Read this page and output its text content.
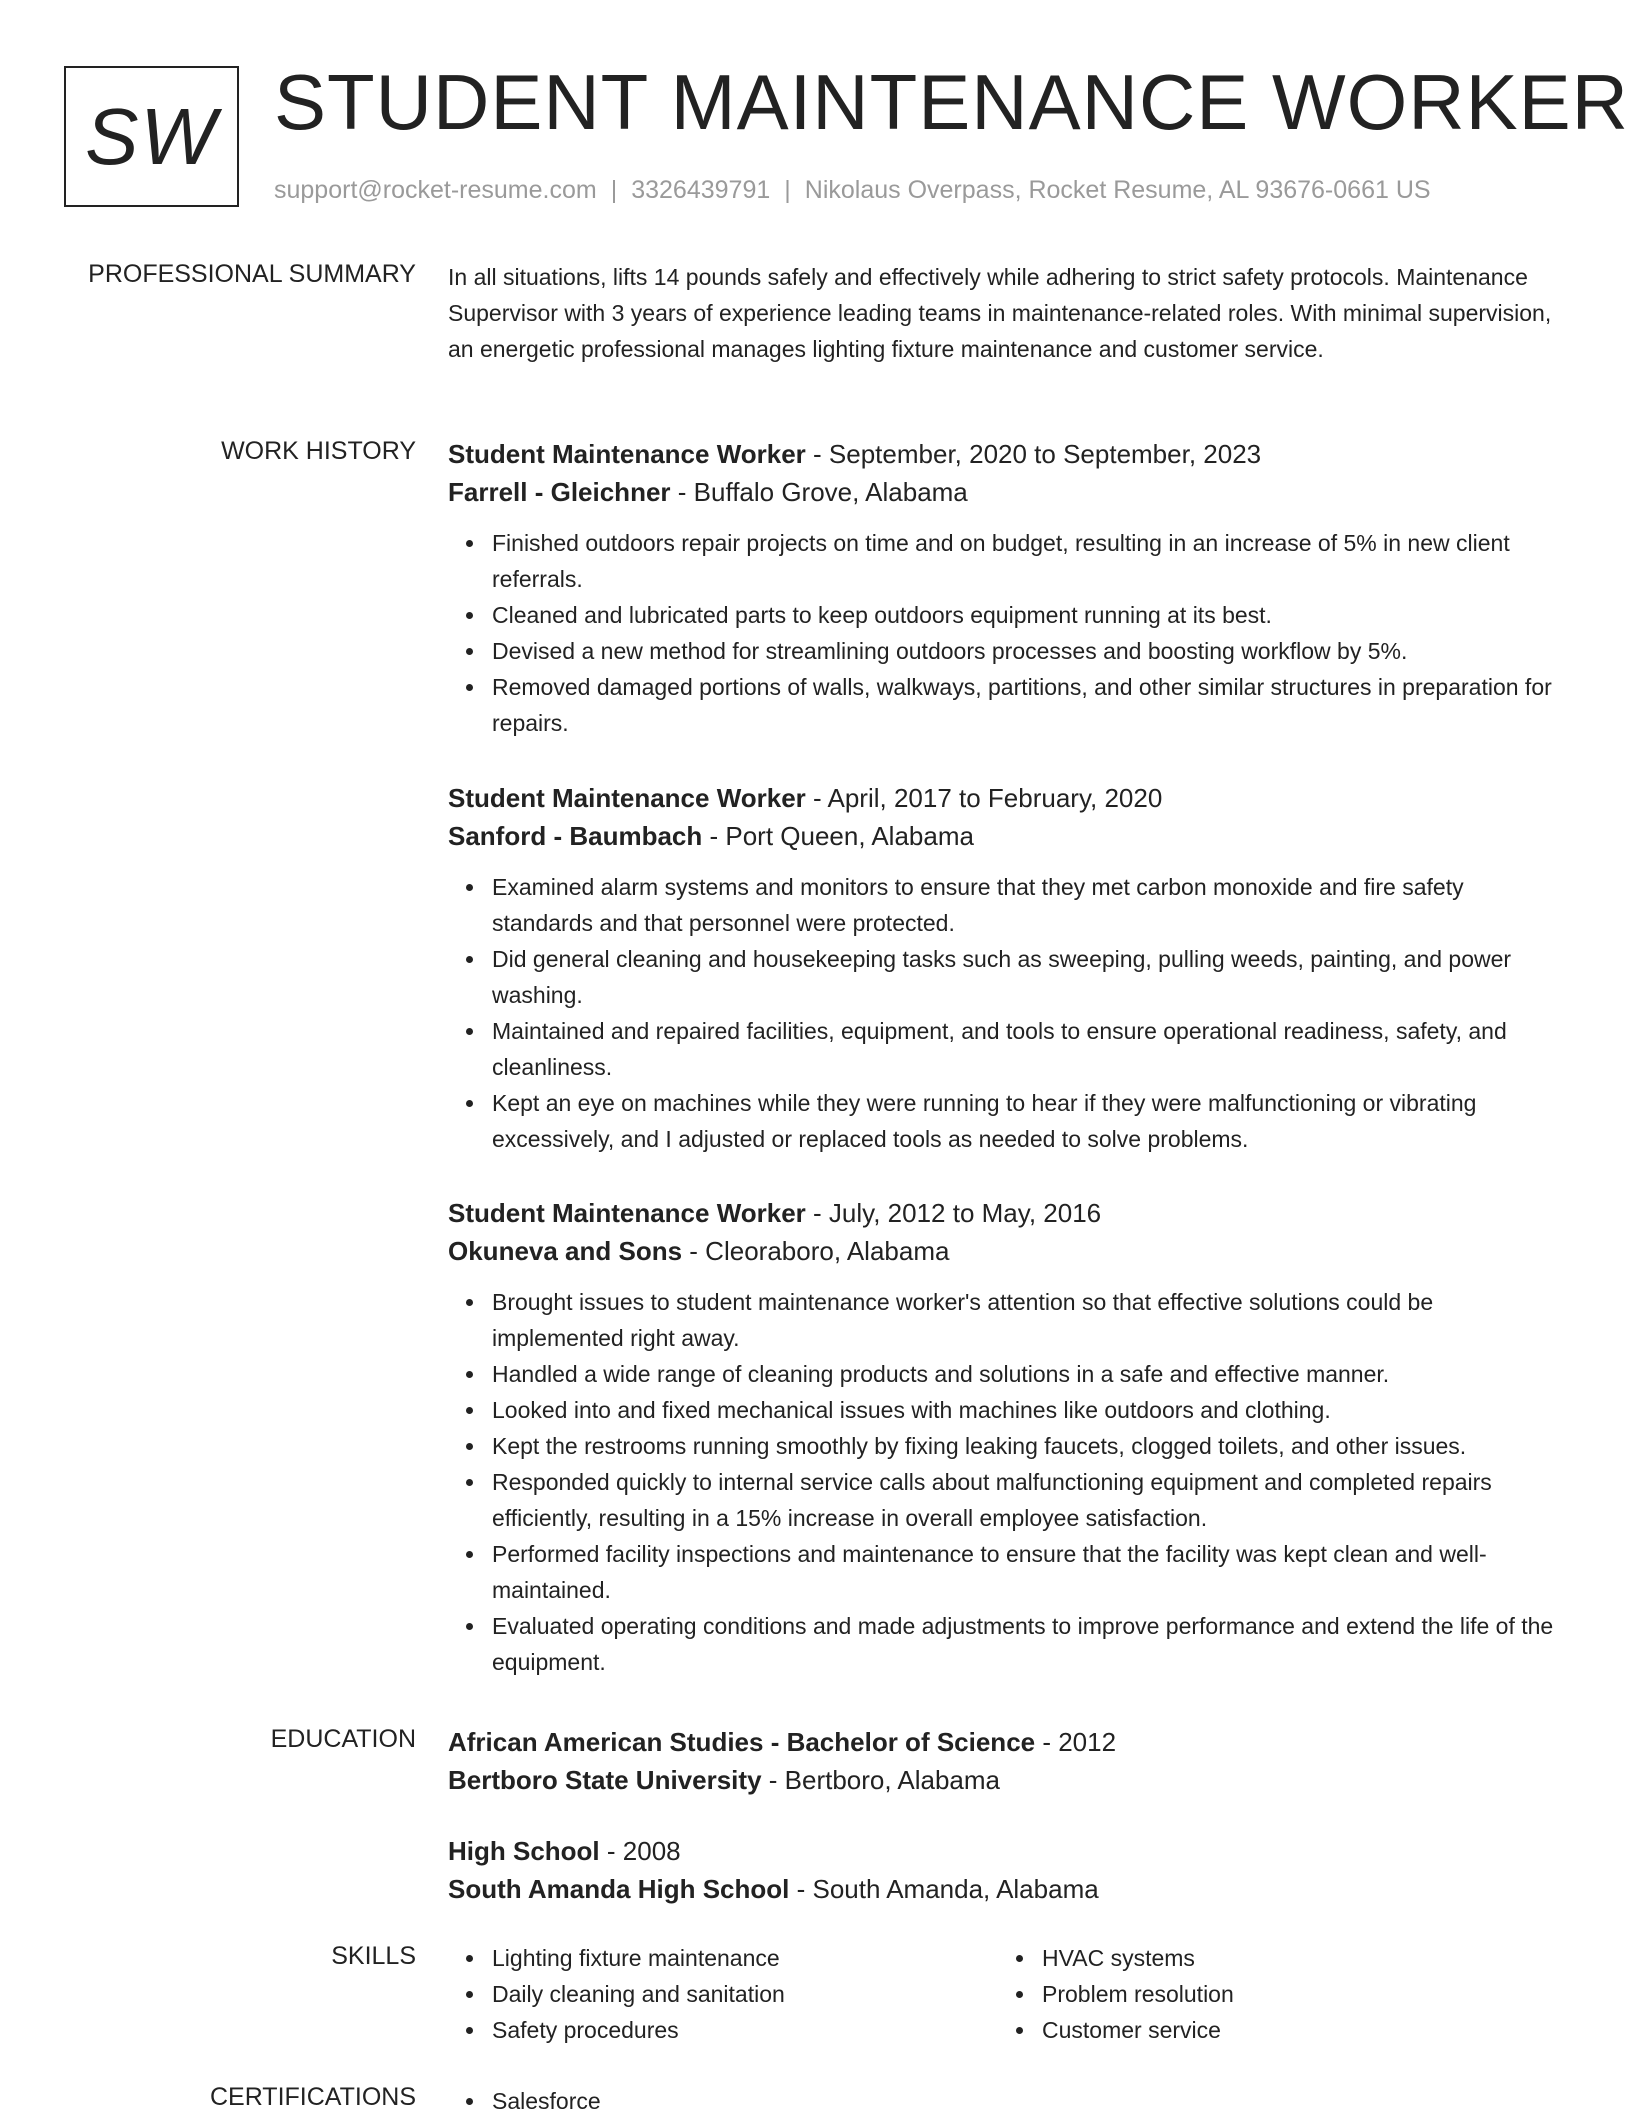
SW STUDENT MAINTENANCE WORKER
support@rocket-resume.com | 3326439791 | Nikolaus Overpass, Rocket Resume, AL 93676-0661 US
PROFESSIONAL SUMMARY In all situations, lifts 14 pounds safely and effectively while adhering to strict safety protocols. Maintenance Supervisor with 3 years of experience leading teams in maintenance-related roles. With minimal supervision, an energetic professional manages lighting fixture maintenance and customer service.

WORK HISTORY Student Maintenance Worker - September, 2020 to September, 2023

Farrell - Gleichner - Buffalo Grove, Alabama

Finished outdoors repair projects on time and on budget, resulting in an increase of 5% in new client referrals.
Cleaned and lubricated parts to keep outdoors equipment running at its best.
Devised a new method for streamlining outdoors processes and boosting workflow by 5%.
Removed damaged portions of walls, walkways, partitions, and other similar structures in preparation for repairs.

Student Maintenance Worker - April, 2017 to February, 2020

Sanford - Baumbach - Port Queen, Alabama

Examined alarm systems and monitors to ensure that they met carbon monoxide and fire safety standards and that personnel were protected.
Did general cleaning and housekeeping tasks such as sweeping, pulling weeds, painting, and power washing.
Maintained and repaired facilities, equipment, and tools to ensure operational readiness, safety, and cleanliness.
Kept an eye on machines while they were running to hear if they were malfunctioning or vibrating excessively, and I adjusted or replaced tools as needed to solve problems.

Student Maintenance Worker - July, 2012 to May, 2016

Okuneva and Sons - Cleoraboro, Alabama

Brought issues to student maintenance worker's attention so that effective solutions could be implemented right away.
Handled a wide range of cleaning products and solutions in a safe and effective manner.
Looked into and fixed mechanical issues with machines like outdoors and clothing.
Kept the restrooms running smoothly by fixing leaking faucets, clogged toilets, and other issues.
Responded quickly to internal service calls about malfunctioning equipment and completed repairs efficiently, resulting in a 15% increase in overall employee satisfaction.
Performed facility inspections and maintenance to ensure that the facility was kept clean and well-maintained.
Evaluated operating conditions and made adjustments to improve performance and extend the life of the equipment.
EDUCATION African American Studies - Bachelor of Science - 2012

Bertboro State University - Bertboro, Alabama

High School - 2008

South Amanda High School - South Amanda, Alabama

SKILLS	Lighting fixture maintenance
Daily cleaning and sanitation
Safety procedures
HVAC systems
Problem resolution
Customer service
CERTIFICATIONS	Salesforce
